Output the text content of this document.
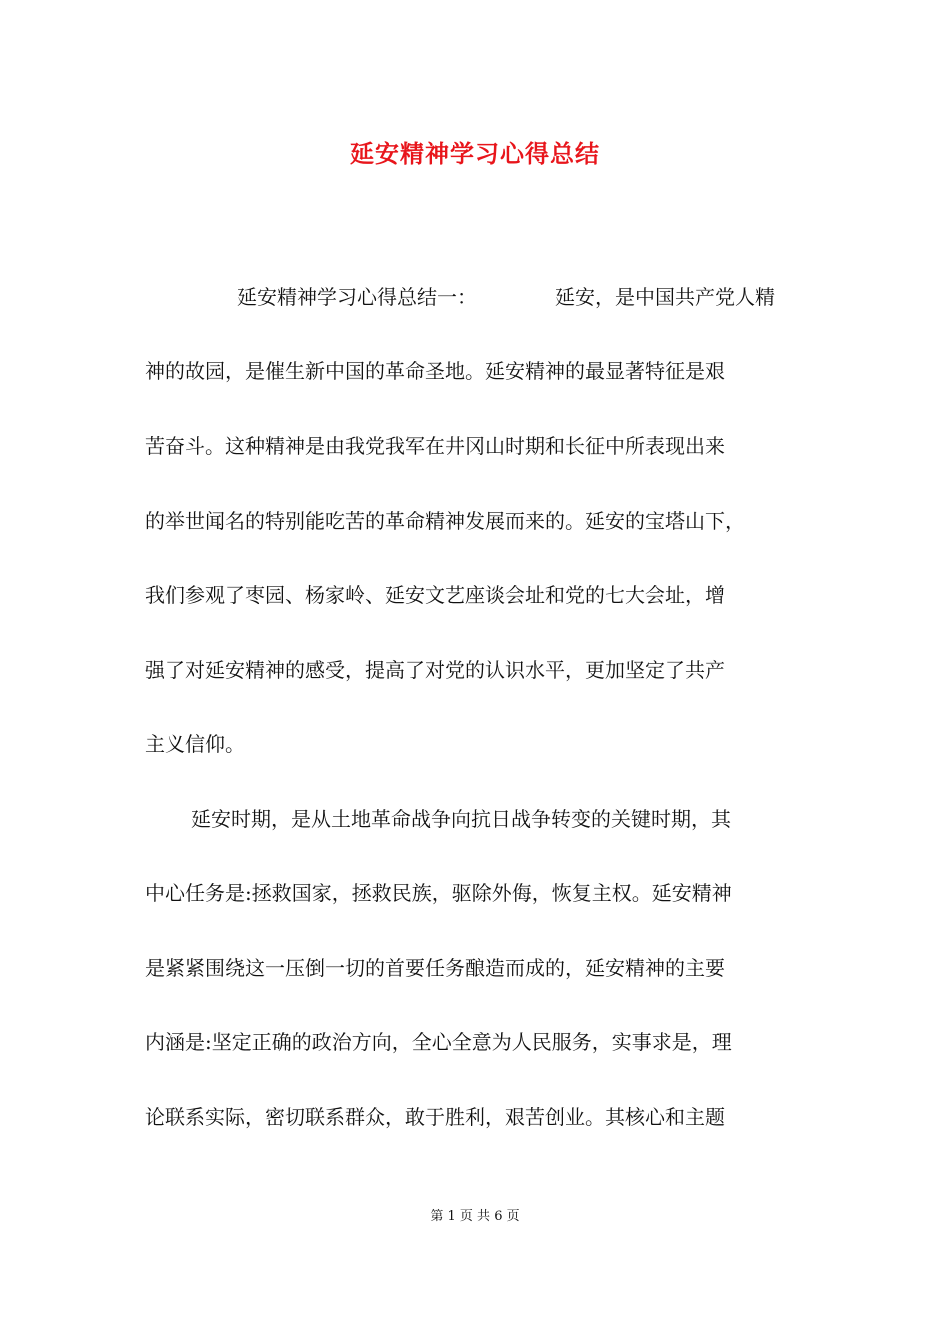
延安精神学习心得总结
延安精神学习心得总结一：	延安，是中国共产党人精
神的故园，是催生新中国的革命圣地。延安精神的最显著特征是艰
苦奋斗。这种精神是由我党我军在井冈山时期和长征中所表现出来
的举世闻名的特别能吃苦的革命精神发展而来的。延安的宝塔山下，
我们参观了枣园、杨家岭、延安文艺座谈会址和党的七大会址，增
强了对延安精神的感受，提高了对党的认识水平，更加坚定了共产
主义信仰。
延安时期，是从土地革命战争向抗日战争转变的关键时期，其
中心任务是:拯救国家，拯救民族，驱除外侮，恢复主权。延安精神
是紧紧围绕这一压倒一切的首要任务酿造而成的，延安精神的主要
内涵是:坚定正确的政治方向，全心全意为人民服务，实事求是，理
论联系实际，密切联系群众，敢于胜利，艰苦创业。其核心和主题
第 1 页 共 6 页
